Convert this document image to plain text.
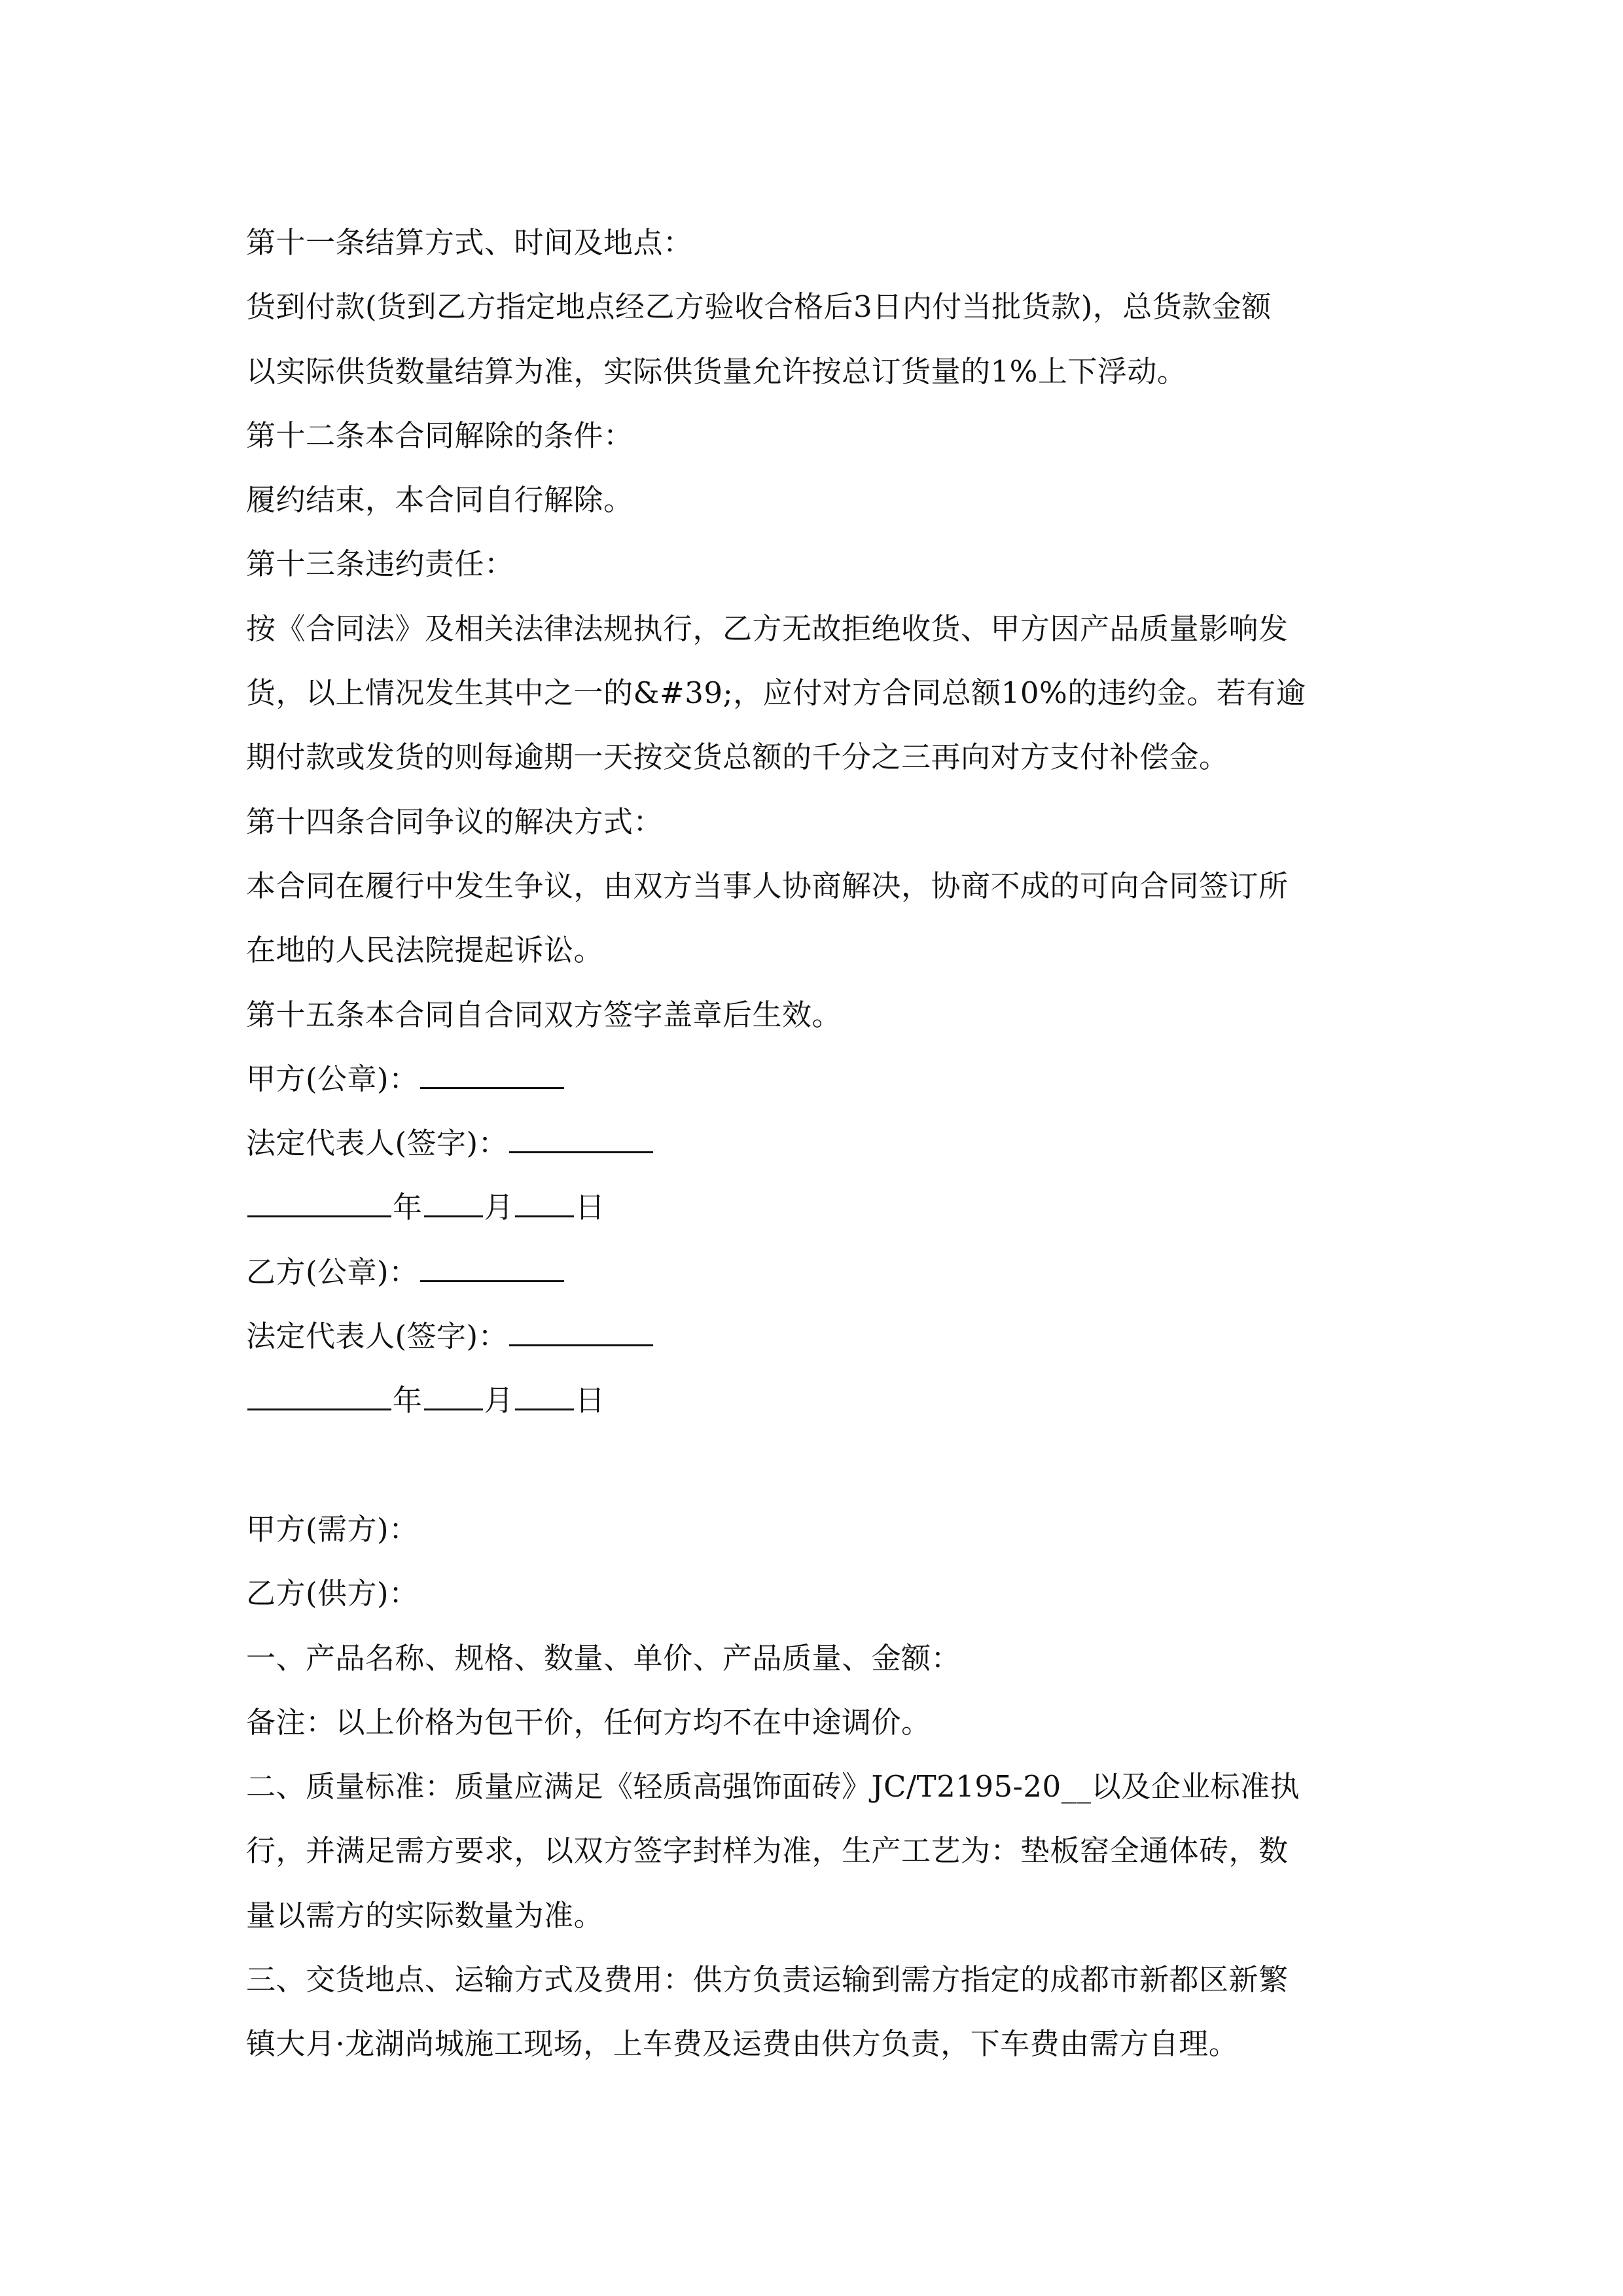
第十一条结算方式、时间及地点：
货到付款(货到乙方指定地点经乙方验收合格后3日内付当批货款)，总货款金额
以实际供货数量结算为准，实际供货量允许按总订货量的1%上下浮动。
第十二条本合同解除的条件：
履约结束，本合同自行解除。
第十三条违约责任：
按《合同法》及相关法律法规执行，乙方无故拒绝收货、甲方因产品质量影响发
货，以上情况发生其中之一的&#39;，应付对方合同总额10%的违约金。若有逾
期付款或发货的则每逾期一天按交货总额的千分之三再向对方支付补偿金。
第十四条合同争议的解决方式：
本合同在履行中发生争议，由双方当事人协商解决，协商不成的可向合同签订所
在地的人民法院提起诉讼。
第十五条本合同自合同双方签字盖章后生效。
甲方(公章)：
法定代表人(签字)：
年 月 日
乙方(公章)：
法定代表人(签字)：
年 月 日
甲方(需方)：
乙方(供方)：
一、产品名称、规格、数量、单价、产品质量、金额：
备注：以上价格为包干价，任何方均不在中途调价。
二、质量标准：质量应满足《轻质高强饰面砖》JC/T2195-20__以及企业标准执
行，并满足需方要求，以双方签字封样为准，生产工艺为：垫板窑全通体砖，数
量以需方的实际数量为准。
三、交货地点、运输方式及费用：供方负责运输到需方指定的成都市新都区新繁
镇大月·龙湖尚城施工现场，上车费及运费由供方负责，下车费由需方自理。
